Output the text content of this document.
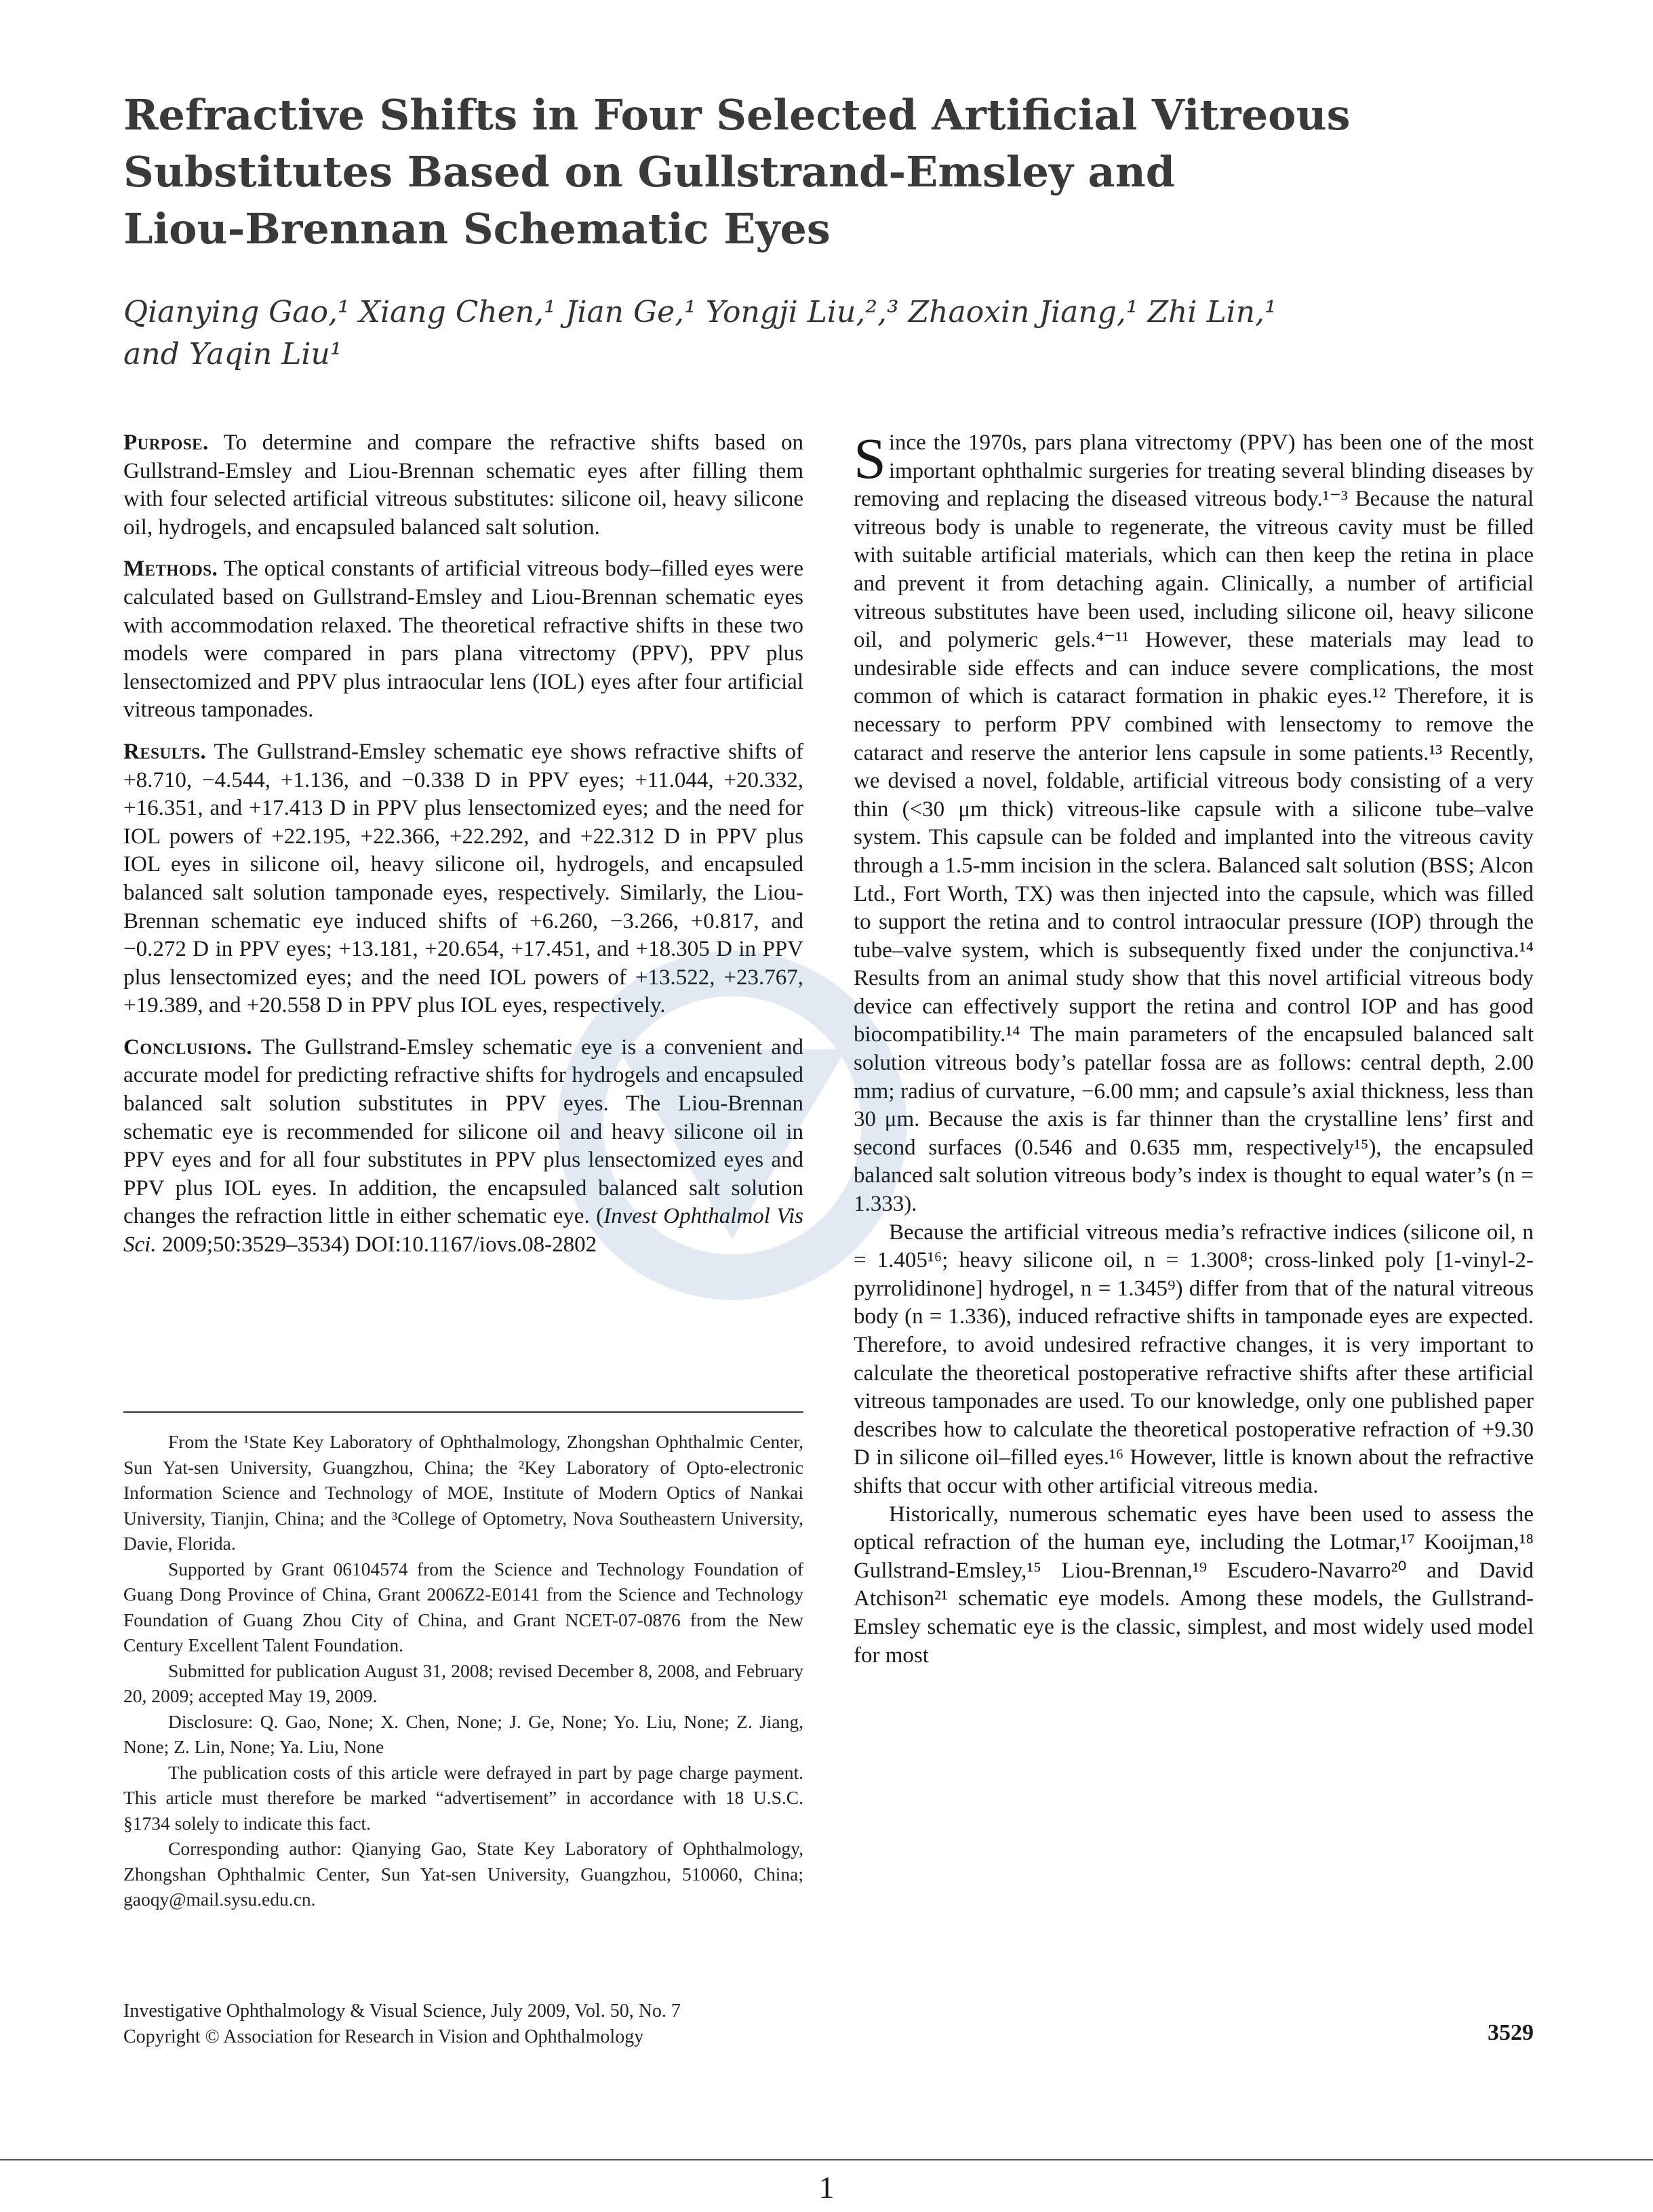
Refractive Shifts in Four Selected Artificial Vitreous
Substitutes Based on Gullstrand-Emsley and
Liou-Brennan Schematic Eyes
Qianying Gao,¹ Xiang Chen,¹ Jian Ge,¹ Yongji Liu,²,³ Zhaoxin Jiang,¹ Zhi Lin,¹
and Yaqin Liu¹

Purpose. To determine and compare the refractive shifts based on Gullstrand-Emsley and Liou-Brennan schematic eyes after filling them with four selected artificial vitreous substitutes: silicone oil, heavy silicone oil, hydrogels, and encapsuled balanced salt solution.

Methods. The optical constants of artificial vitreous body–filled eyes were calculated based on Gullstrand-Emsley and Liou-Brennan schematic eyes with accommodation relaxed. The theoretical refractive shifts in these two models were compared in pars plana vitrectomy (PPV), PPV plus lensectomized and PPV plus intraocular lens (IOL) eyes after four artificial vitreous tamponades.

Results. The Gullstrand-Emsley schematic eye shows refractive shifts of +8.710, −4.544, +1.136, and −0.338 D in PPV eyes; +11.044, +20.332, +16.351, and +17.413 D in PPV plus lensectomized eyes; and the need for IOL powers of +22.195, +22.366, +22.292, and +22.312 D in PPV plus IOL eyes in silicone oil, heavy silicone oil, hydrogels, and encapsuled balanced salt solution tamponade eyes, respectively. Similarly, the Liou-Brennan schematic eye induced shifts of +6.260, −3.266, +0.817, and −0.272 D in PPV eyes; +13.181, +20.654, +17.451, and +18.305 D in PPV plus lensectomized eyes; and the need IOL powers of +13.522, +23.767, +19.389, and +20.558 D in PPV plus IOL eyes, respectively.

Conclusions. The Gullstrand-Emsley schematic eye is a convenient and accurate model for predicting refractive shifts for hydrogels and encapsuled balanced salt solution substitutes in PPV eyes. The Liou-Brennan schematic eye is recommended for silicone oil and heavy silicone oil in PPV eyes and for all four substitutes in PPV plus lensectomized eyes and PPV plus IOL eyes. In addition, the encapsuled balanced salt solution changes the refraction little in either schematic eye. (Invest Ophthalmol Vis Sci. 2009;50:3529–3534) DOI:10.1167/iovs.08-2802

From the ¹State Key Laboratory of Ophthalmology, Zhongshan Ophthalmic Center, Sun Yat-sen University, Guangzhou, China; the ²Key Laboratory of Opto-electronic Information Science and Technology of MOE, Institute of Modern Optics of Nankai University, Tianjin, China; and the ³College of Optometry, Nova Southeastern University, Davie, Florida.

Supported by Grant 06104574 from the Science and Technology Foundation of Guang Dong Province of China, Grant 2006Z2-E0141 from the Science and Technology Foundation of Guang Zhou City of China, and Grant NCET-07-0876 from the New Century Excellent Talent Foundation.

Submitted for publication August 31, 2008; revised December 8, 2008, and February 20, 2009; accepted May 19, 2009.

Disclosure: Q. Gao, None; X. Chen, None; J. Ge, None; Yo. Liu, None; Z. Jiang, None; Z. Lin, None; Ya. Liu, None

The publication costs of this article were defrayed in part by page charge payment. This article must therefore be marked “advertisement” in accordance with 18 U.S.C. §1734 solely to indicate this fact.

Corresponding author: Qianying Gao, State Key Laboratory of Ophthalmology, Zhongshan Ophthalmic Center, Sun Yat-sen University, Guangzhou, 510060, China; gaoqy@mail.sysu.edu.cn.

Since the 1970s, pars plana vitrectomy (PPV) has been one of the most important ophthalmic surgeries for treating several blinding diseases by removing and replacing the diseased vitreous body.¹⁻³ Because the natural vitreous body is unable to regenerate, the vitreous cavity must be filled with suitable artificial materials, which can then keep the retina in place and prevent it from detaching again. Clinically, a number of artificial vitreous substitutes have been used, including silicone oil, heavy silicone oil, and polymeric gels.⁴⁻¹¹ However, these materials may lead to undesirable side effects and can induce severe complications, the most common of which is cataract formation in phakic eyes.¹² Therefore, it is necessary to perform PPV combined with lensectomy to remove the cataract and reserve the anterior lens capsule in some patients.¹³ Recently, we devised a novel, foldable, artificial vitreous body consisting of a very thin (<30 μm thick) vitreous-like capsule with a silicone tube–valve system. This capsule can be folded and implanted into the vitreous cavity through a 1.5-mm incision in the sclera. Balanced salt solution (BSS; Alcon Ltd., Fort Worth, TX) was then injected into the capsule, which was filled to support the retina and to control intraocular pressure (IOP) through the tube–valve system, which is subsequently fixed under the conjunctiva.¹⁴ Results from an animal study show that this novel artificial vitreous body device can effectively support the retina and control IOP and has good biocompatibility.¹⁴ The main parameters of the encapsuled balanced salt solution vitreous body’s patellar fossa are as follows: central depth, 2.00 mm; radius of curvature, −6.00 mm; and capsule’s axial thickness, less than 30 μm. Because the axis is far thinner than the crystalline lens’ first and second surfaces (0.546 and 0.635 mm, respectively¹⁵), the encapsuled balanced salt solution vitreous body’s index is thought to equal water’s (n = 1.333).

Because the artificial vitreous media’s refractive indices (silicone oil, n = 1.405¹⁶; heavy silicone oil, n = 1.300⁸; cross-linked poly [1-vinyl-2-pyrrolidinone] hydrogel, n = 1.345⁹) differ from that of the natural vitreous body (n = 1.336), induced refractive shifts in tamponade eyes are expected. Therefore, to avoid undesired refractive changes, it is very important to calculate the theoretical postoperative refractive shifts after these artificial vitreous tamponades are used. To our knowledge, only one published paper describes how to calculate the theoretical postoperative refraction of +9.30 D in silicone oil–filled eyes.¹⁶ However, little is known about the refractive shifts that occur with other artificial vitreous media.

Historically, numerous schematic eyes have been used to assess the optical refraction of the human eye, including the Lotmar,¹⁷ Kooijman,¹⁸ Gullstrand-Emsley,¹⁵ Liou-Brennan,¹⁹ Escudero-Navarro²⁰ and David Atchison²¹ schematic eye models. Among these models, the Gullstrand-Emsley schematic eye is the classic, simplest, and most widely used model for most

Investigative Ophthalmology & Visual Science, July 2009, Vol. 50, No. 7
Copyright © Association for Research in Vision and Ophthalmology	3529
1
